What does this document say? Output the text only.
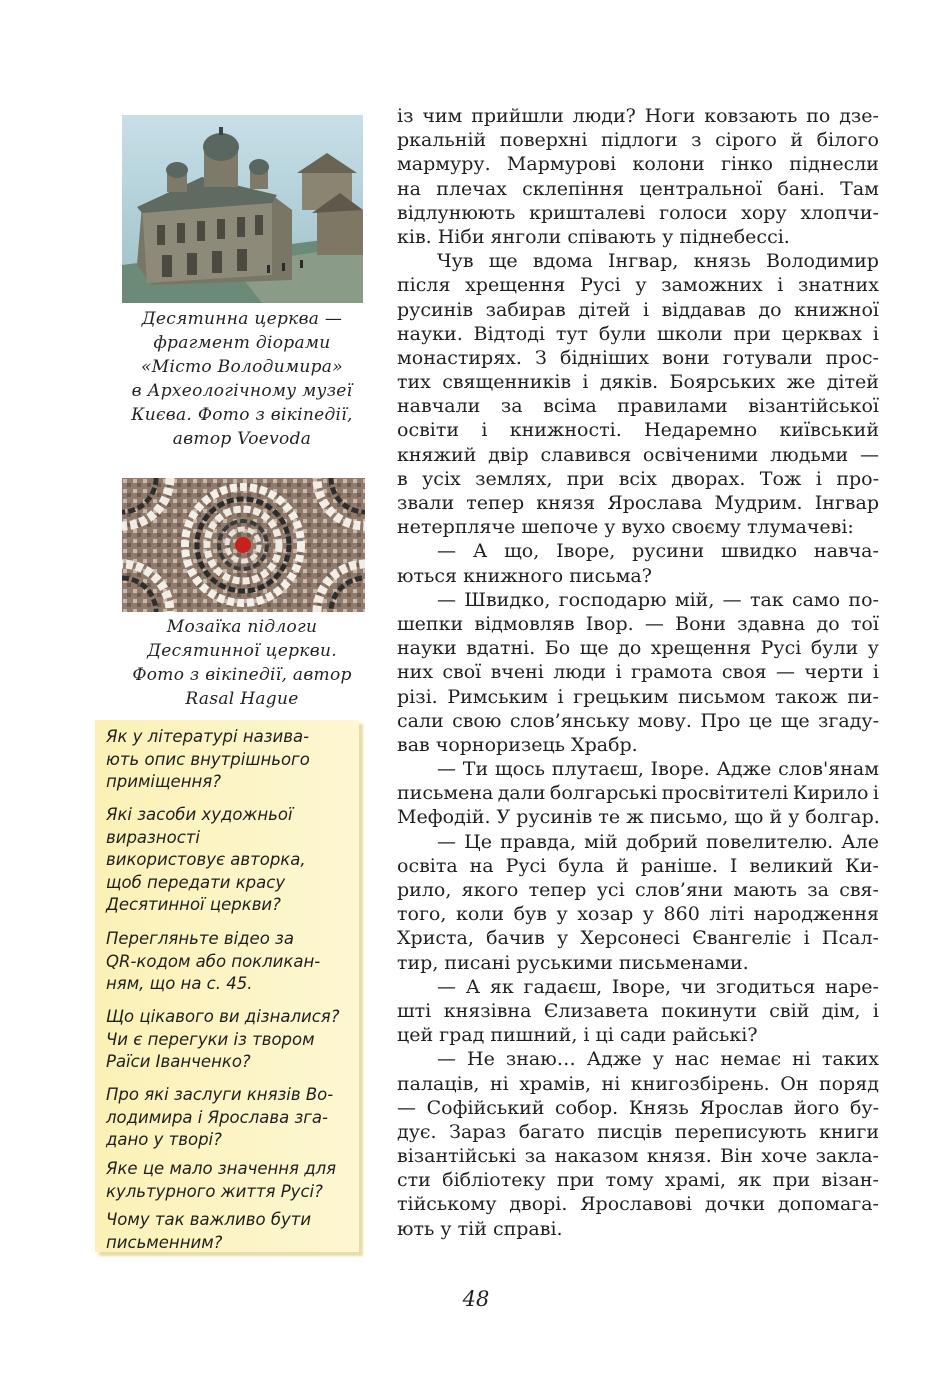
Десятинна церква —
фрагмент діорами
«Місто Володимира»
в Археологічному музеї
Києва. Фото з вікіпедії,
автор Voevoda
Мозаїка підлоги
Десятинної церкви.
Фото з вікіпедії, автор
Rasal Hague
Як у літературі назива-
ють опис внутрішнього
приміщення?
Які засоби художньої
виразності
використовує авторка,
щоб передати красу
Десятинної церкви?
Перегляньте відео за
QR-кодом або покликан-
ням, що на с. 45.
Що цікавого ви дізналися?
Чи є перегуки із твором
Раїси Іванченко?
Про які заслуги князів Во-
лодимира і Ярослава зга-
дано у творі?
Яке це мало значення для
культурного життя Русі?
Чому так важливо бути
письменним?
із чим прийшли люди? Ноги ковзають по дзе-
ркальній поверхні підлоги з сірого й білого
мармуру. Мармурові колони гінко піднесли
на плечах склепіння центральної бані. Там
відлунюють кришталеві голоси хору хлопчи-
ків. Ніби янголи співають у піднебессі.
Чув ще вдома Інгвар, князь Володимир
після хрещення Русі у заможних і знатних
русинів забирав дітей і віддавав до книжної
науки. Відтоді тут були школи при церквах і
монастирях. З бідніших вони готували прос-
тих священників і дяків. Боярських же дітей
навчали за всіма правилами візантійської
освіти і книжності. Недаремно київський
княжий двір славився освіченими людьми —
в усіх землях, при всіх дворах. Тож і про-
звали тепер князя Ярослава Мудрим. Інгвар
нетерпляче шепоче у вухо своєму тлумачеві:
— А що, Іворе, русини швидко навча-
ються книжного письма?
— Швидко, господарю мій, — так само по-
шепки відмовляв Івор. — Вони здавна до тої
науки вдатні. Бо ще до хрещення Русі були у
них свої вчені люди і грамота своя — черти і
різі. Римським і грецьким письмом також пи-
сали свою слов’янську мову. Про це ще згаду-
вав чорноризець Храбр.
— Ти щось плутаєш, Іворе. Адже слов'янам
письмена дали болгарські просвітителі Кирило і
Мефодій. У русинів те ж письмо, що й у болгар.
— Це правда, мій добрий повелителю. Але
освіта на Русі була й раніше. І великий Ки-
рило, якого тепер усі слов’яни мають за свя-
того, коли був у хозар у 860 літі народження
Христа, бачив у Херсонесі Євангеліє і Псал-
тир, писані руськими письменами.
— А як гадаєш, Іворе, чи згодиться нарe-
шті князівна Єлизавета покинути свій дім, і
цей град пишний, і ці сади райські?
— Не знаю… Адже у нас немає ні таких
палаців, ні храмів, ні книгозбірень. Он поряд
— Софійський собор. Князь Ярослав його бу-
дує. Зараз багато писців переписують книги
візантійські за наказом князя. Він хоче закла-
сти бібліотеку при тому храмі, як при візан-
тійському дворі. Ярославові дочки допомага-
ють у тій справі.
48
